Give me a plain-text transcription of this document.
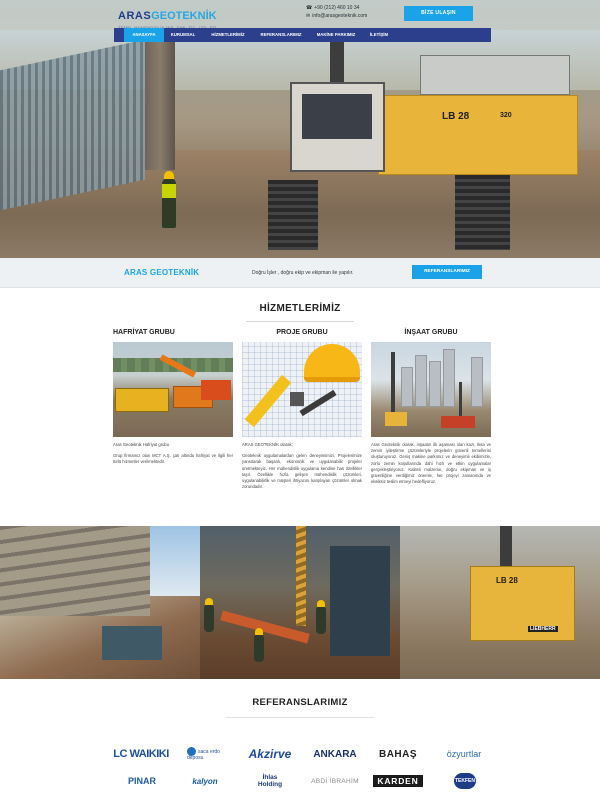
LB 28	320
ARASGEOTEKNİK
☎ +90 (212) 460 10 34
✉ info@arasgeoteknik.com	BİZE ULAŞIN
ANASAYFA	KURUMSAL	HİZMETLERİMİZ	REFERANSLARIMIZ	MAKİNE PARKIMIZ	İLETİŞİM
ARAS GEOTEKNİK	Doğru İşler , doğru ekip ve ekipman ile yapılır.	REFERANSLARIMIZ
HİZMETLERİMİZ
HAFRİYAT GRUBU

Aras Geoteknik Hafriyat grubu

Grup firmamız olan MCT A.Ş. çatı altında hafriyat ve ilgili her türlü hizmetler verilmektedir.

PROJE GRUBU

ARAS GEOTEKNİK olarak;

Geoteknik uygulamalardan gelen deneyimimizi, Projelerimize yansıtarak başarılı, ekonomik ve uygulanabilir projeler üretmekteyiz. Her mühendislik uygulama kendine has özellikler taşır. Özellikle hızla gelişen mühendislik çözümleri, uygulanabilirlik ve müşteri ihtiyacını karşılayan çözümler olmak zorundadır.

İNŞAAT GRUBU

Aras Geoteknik olarak, inşaatın ilk aşaması olan kazı, iksa ve zemin iyileştirme çözümleriyle projelerin güvenli temellerini oluşturuyoruz. Geniş makine parkımız ve deneyimli ekibimizle, zorlu zemin koşullarında dahi hızlı ve etkin uygulamalar gerçekleştiriyoruz. Kaliteli malzeme, doğru ekipman ve iş güvenliğine verdiğimiz önemle, her projeyi zamanında ve eksiksiz teslim etmeyi hedefliyoruz.

LB 28
LIEBHERR
REFERANSLARIMIZ
LC WAIKIKI	saca erdo deposu	Akzirve ANKARA BAHAŞ	özyurtlar
PINAR	kalyon	İhlas Holding	ABDİ İBRAHİM	KARDEN	TEKFEN
